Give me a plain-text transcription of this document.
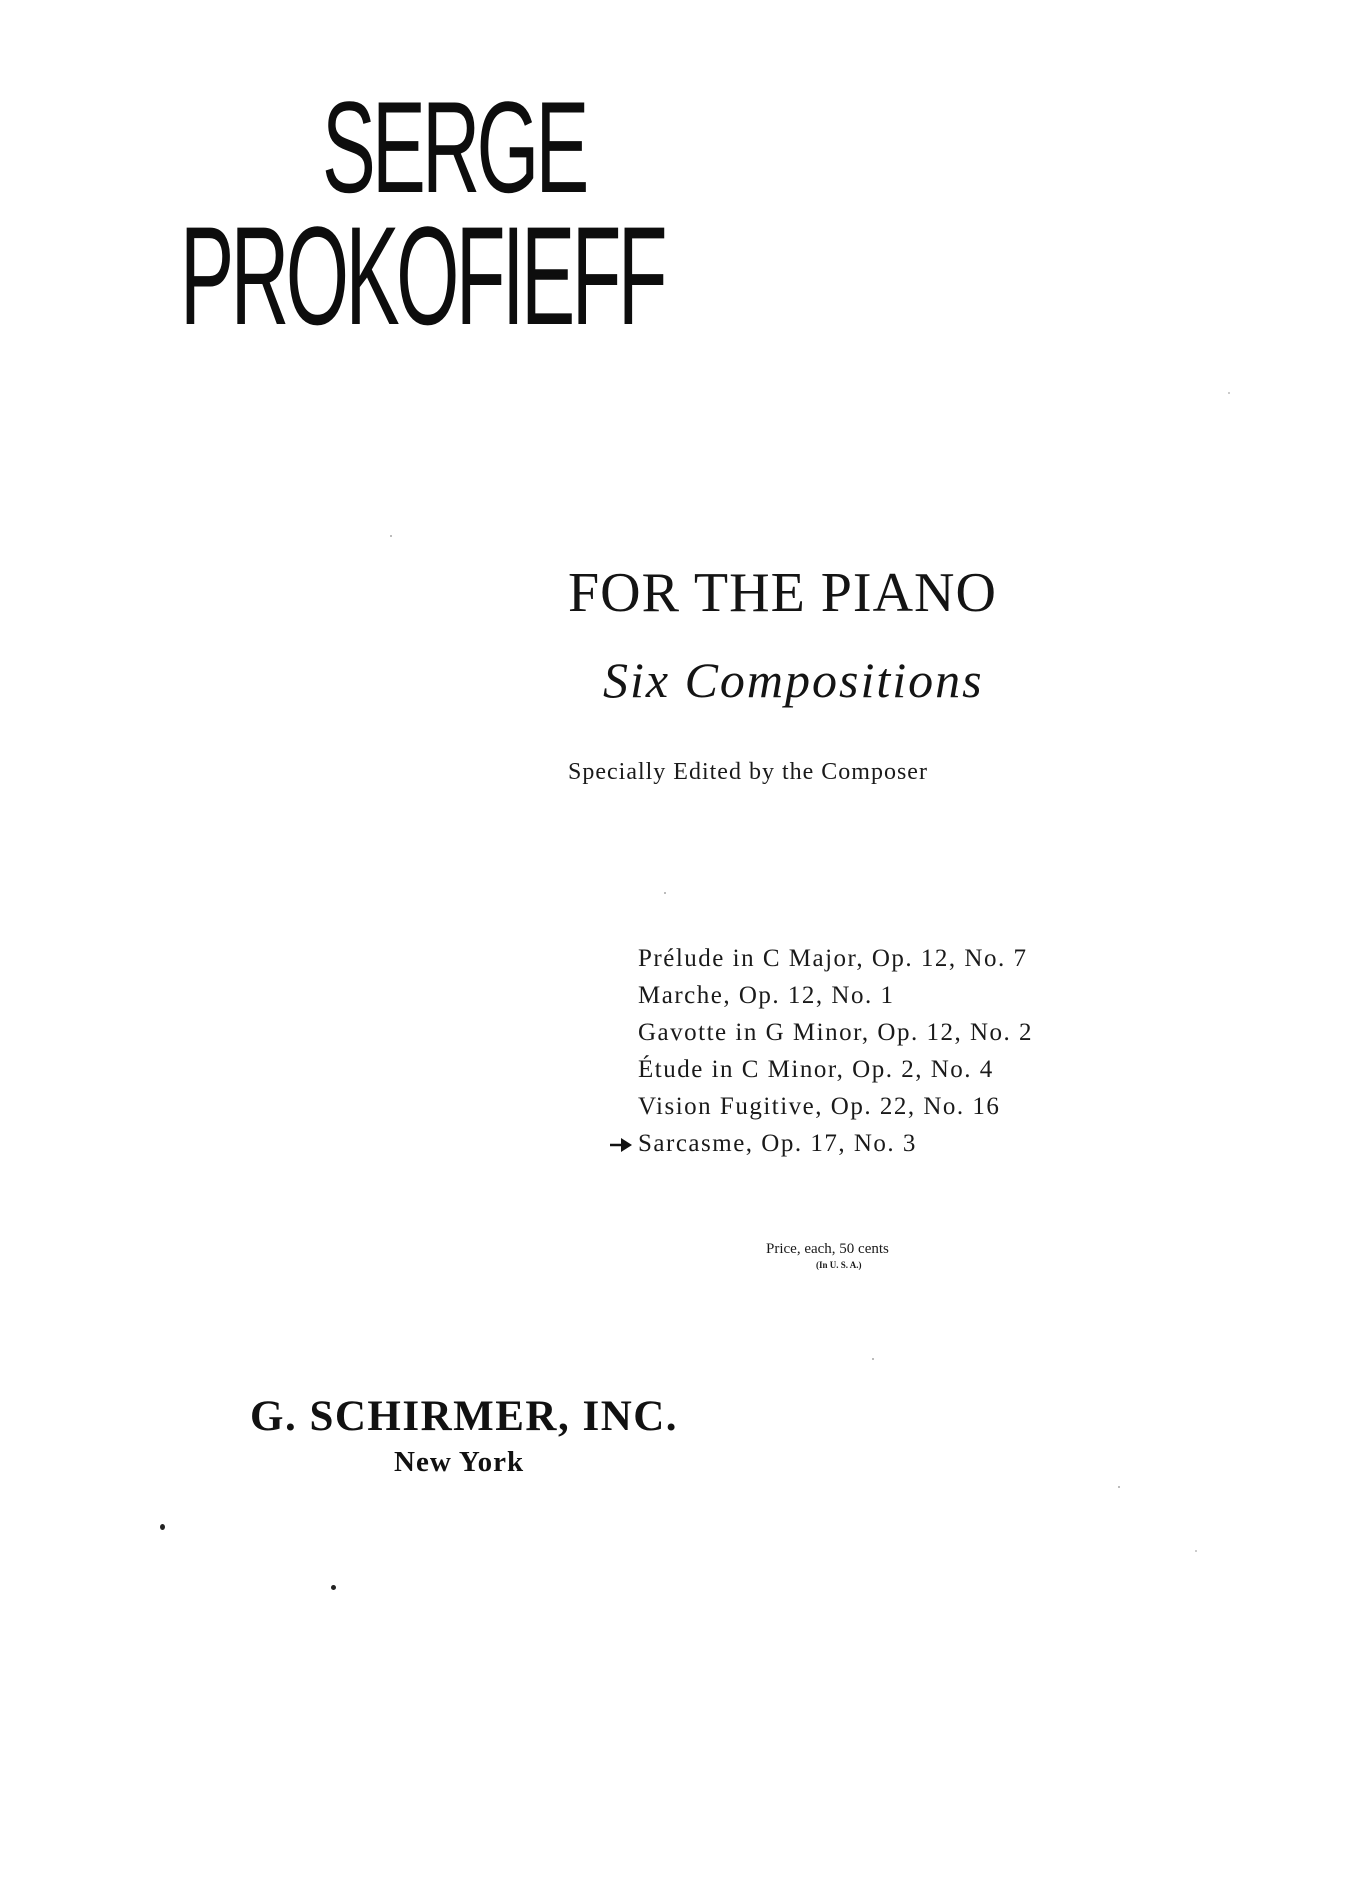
SERGE
PROKOFIEFF
FOR THE PIANO
Six Compositions
Specially Edited by the Composer
Prélude in C Major, Op. 12, No. 7
Marche, Op. 12, No. 1
Gavotte in G Minor, Op. 12, No. 2
Étude in C Minor, Op. 2, No. 4
Vision Fugitive, Op. 22, No. 16
Sarcasme, Op. 17, No. 3
Price, each, 50 cents
(In U. S. A.)
G. SCHIRMER, INC.
New York
